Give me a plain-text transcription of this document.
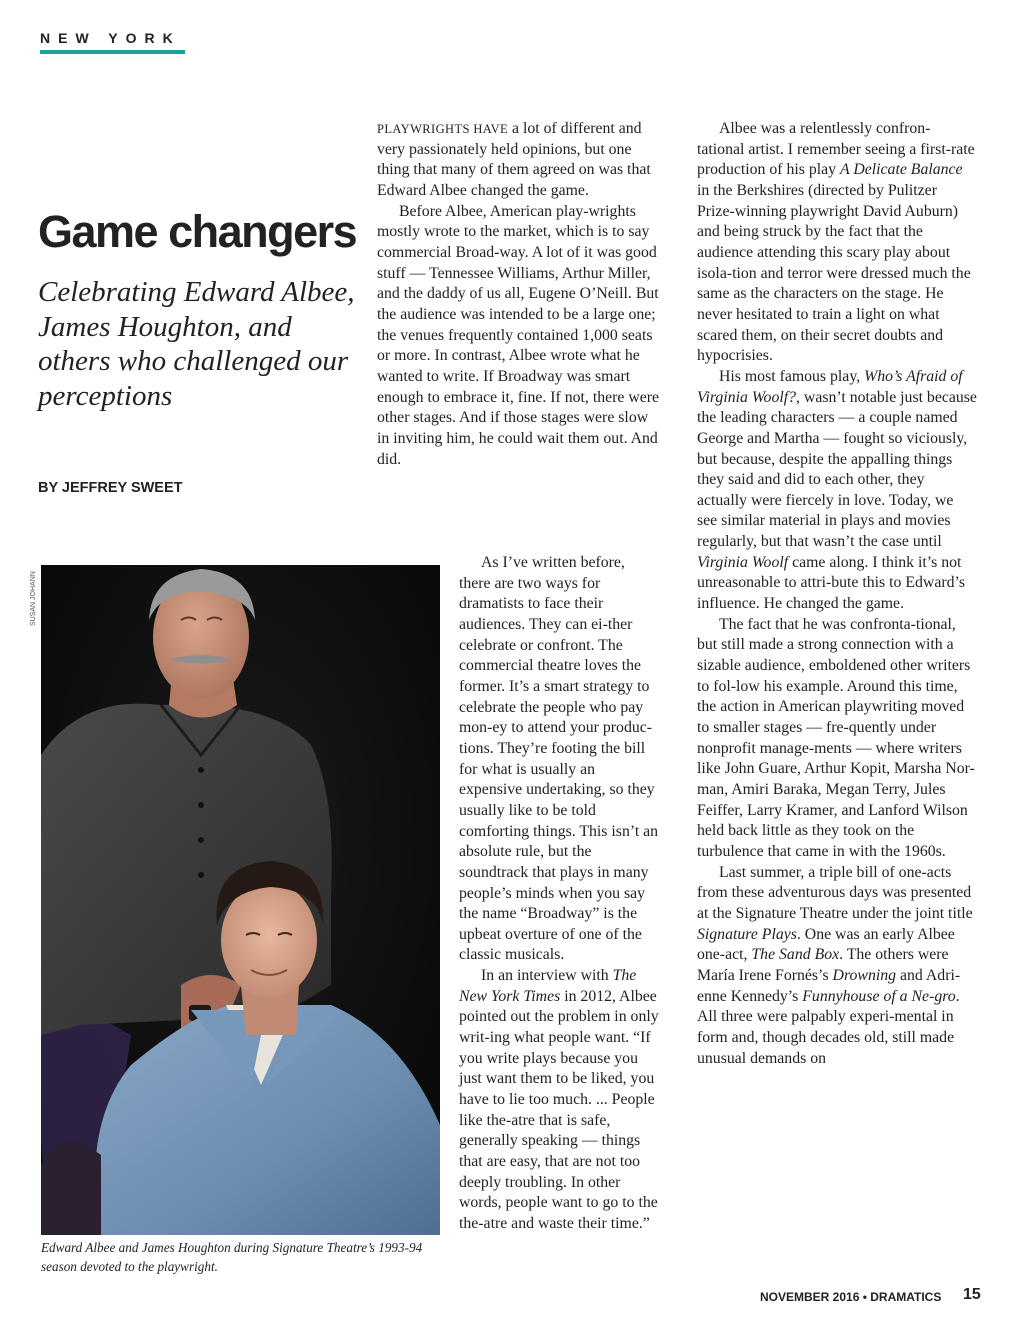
NEW YORK
Game changers

Celebrating Edward Albee, James Houghton, and others who challenged our perceptions

BY JEFFREY SWEET
SUSAN JOHANN
Edward Albee and James Houghton during Signature Theatre’s 1993-94 season devoted to the playwright.

PLAYWRIGHTS HAVE a lot of different and very passionately held opinions, but one thing that many of them agreed on was that Edward Albee changed the game.

Before Albee, American play-wrights mostly wrote to the market, which is to say commercial Broad-way. A lot of it was good stuff — Tennessee Williams, Arthur Miller, and the daddy of us all, Eugene O’Neill. But the audience was intended to be a large one; the venues frequently contained 1,000 seats or more. In contrast, Albee wrote what he wanted to write. If Broadway was smart enough to embrace it, fine. If not, there were other stages. And if those stages were slow in inviting him, he could wait them out. And did.

As I’ve written before, there are two ways for dramatists to face their audiences. They can ei-ther celebrate or confront. The commercial theatre loves the former. It’s a smart strategy to celebrate the people who pay mon-ey to attend your produc-tions. They’re footing the bill for what is usually an expensive undertaking, so they usually like to be told comforting things. This isn’t an absolute rule, but the soundtrack that plays in many people’s minds when you say the name “Broadway” is the upbeat overture of one of the classic musicals.

In an interview with The New York Times in 2012, Albee pointed out the problem in only writ-ing what people want. “If you write plays because you just want them to be liked, you have to lie too much. ... People like the-atre that is safe, generally speaking — things that are easy, that are not too deeply troubling. In other words, people want to go to the the-atre and waste their time.”

Albee was a relentlessly confron-tational artist. I remember seeing a first-rate production of his play A Delicate Balance in the Berkshires (directed by Pulitzer Prize-winning playwright David Auburn) and being struck by the fact that the audience attending this scary play about isola-tion and terror were dressed much the same as the characters on the stage. He never hesitated to train a light on what scared them, on their secret doubts and hypocrisies.

His most famous play, Who’s Afraid of Virginia Woolf?, wasn’t notable just because the leading characters — a couple named George and Martha — fought so viciously, but because, despite the appalling things they said and did to each other, they actually were fiercely in love. Today, we see similar material in plays and movies regularly, but that wasn’t the case until Virginia Woolf came along. I think it’s not unreasonable to attri-bute this to Edward’s influence. He changed the game.

The fact that he was confronta-tional, but still made a strong connection with a sizable audience, emboldened other writers to fol-low his example. Around this time, the action in American playwriting moved to smaller stages — fre-quently under nonprofit manage-ments — where writers like John Guare, Arthur Kopit, Marsha Nor-man, Amiri Baraka, Megan Terry, Jules Feiffer, Larry Kramer, and Lanford Wilson held back little as they took on the turbulence that came in with the 1960s.

Last summer, a triple bill of one-acts from these adventurous days was presented at the Signature Theatre under the joint title Signature Plays. One was an early Albee one-act, The Sand Box. The others were María Irene Fornés’s Drowning and Adri-enne Kennedy’s Funnyhouse of a Ne-gro. All three were palpably experi-mental in form and, though decades old, still made unusual demands on

NOVEMBER 2016 • DRAMATICS 15
